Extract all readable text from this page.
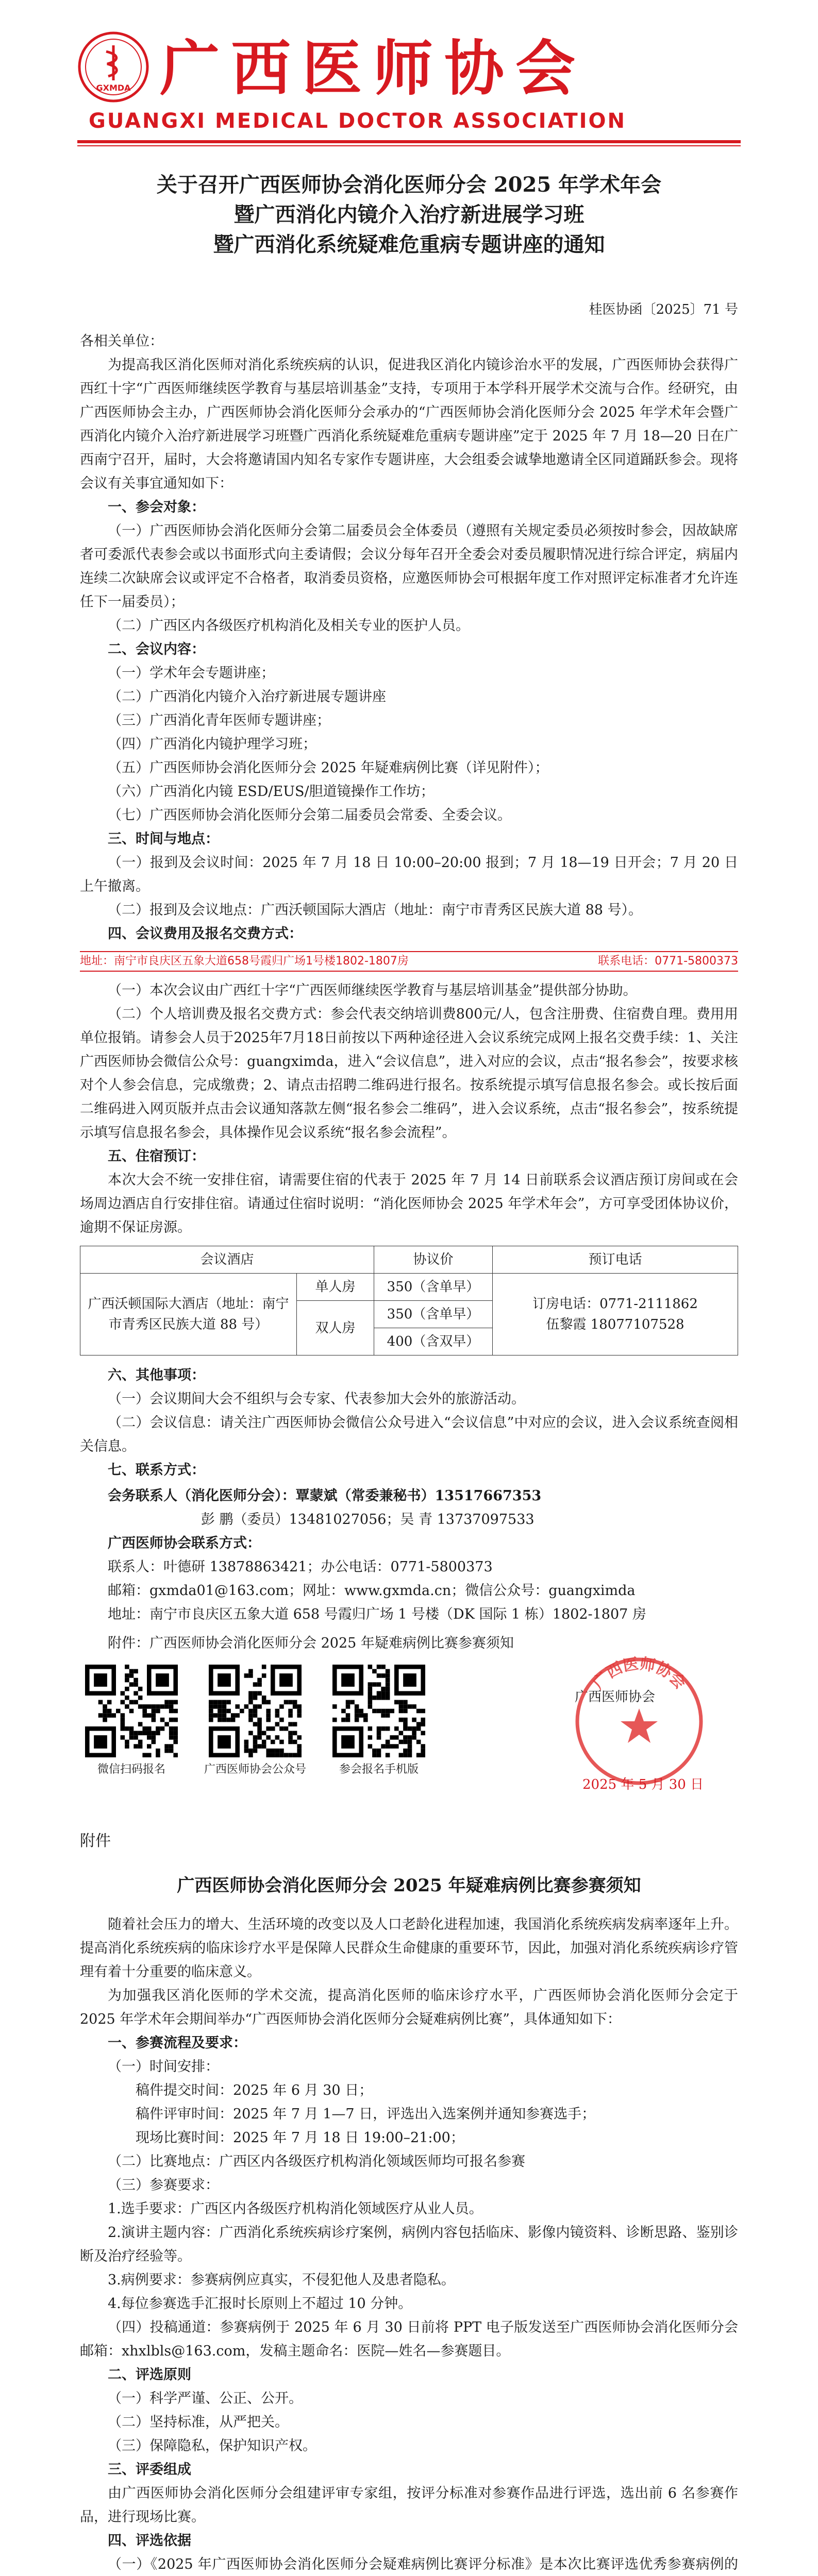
GXMDA 广西医师协会
GUANGXI MEDICAL DOCTOR ASSOCIATION
关于召开广西医师协会消化医师分会 2025 年学术年会
暨广西消化内镜介入治疗新进展学习班
暨广西消化系统疑难危重病专题讲座的通知
桂医协函〔2025〕71 号
各相关单位：
为提高我区消化医师对消化系统疾病的认识，促进我区消化内镜诊治水平的发展，广西医师协会获得广西红十字“广西医师继续医学教育与基层培训基金”支持，专项用于本学科开展学术交流与合作。经研究，由广西医师协会主办，广西医师协会消化医师分会承办的“广西医师协会消化医师分会 2025 年学术年会暨广西消化内镜介入治疗新进展学习班暨广西消化系统疑难危重病专题讲座”定于 2025 年 7 月 18—20 日在广西南宁召开，届时，大会将邀请国内知名专家作专题讲座，大会组委会诚挚地邀请全区同道踊跃参会。现将会议有关事宜通知如下：
一、参会对象：
（一）广西医师协会消化医师分会第二届委员会全体委员（遵照有关规定委员必须按时参会，因故缺席者可委派代表参会或以书面形式向主委请假；会议分每年召开全委会对委员履职情况进行综合评定，病届内连续二次缺席会议或评定不合格者，取消委员资格，应邀医师协会可根据年度工作对照评定标准者才允许连任下一届委员）；
（二）广西区内各级医疗机构消化及相关专业的医护人员。
二、会议内容：
（一）学术年会专题讲座；
（二）广西消化内镜介入治疗新进展专题讲座
（三）广西消化青年医师专题讲座；
（四）广西消化内镜护理学习班；
（五）广西医师协会消化医师分会 2025 年疑难病例比赛（详见附件）；
（六）广西消化内镜 ESD/EUS/胆道镜操作工作坊；
（七）广西医师协会消化医师分会第二届委员会常委、全委会议。
三、时间与地点：
（一）报到及会议时间：2025 年 7 月 18 日 10:00–20:00 报到；7 月 18—19 日开会；7 月 20 日上午撤离。
（二）报到及会议地点：广西沃顿国际大酒店（地址：南宁市青秀区民族大道 88 号）。
四、会议费用及报名交费方式：
地址：南宁市良庆区五象大道658号霞归广场1号楼1802-1807房	联系电话：0771-5800373
（一）本次会议由广西红十字“广西医师继续医学教育与基层培训基金”提供部分协助。
（二）个人培训费及报名交费方式：参会代表交纳培训费800元/人，包含注册费、住宿费自理。费用用单位报销。请参会人员于2025年7月18日前按以下两种途径进入会议系统完成网上报名交费手续：1、关注广西医师协会微信公众号：guangximda，进入“会议信息”，进入对应的会议，点击“报名参会”，按要求核对个人参会信息，完成缴费；2、请点击招聘二维码进行报名。按系统提示填写信息报名参会。或长按后面二维码进入网页版并点击会议通知落款左侧“报名参会二维码”，进入会议系统，点击“报名参会”，按系统提示填写信息报名参会，具体操作见会议系统“报名参会流程”。
五、住宿预订：
本次大会不统一安排住宿，请需要住宿的代表于 2025 年 7 月 14 日前联系会议酒店预订房间或在会场周边酒店自行安排住宿。请通过住宿时说明：“消化医师协会 2025 年学术年会”，方可享受团体协议价，逾期不保证房源。
会议酒店		协议价	预订电话
广西沃顿国际大酒店（地址：南宁市青秀区民族大道 88 号）	单人房	350（含单早）	订房电话：0771-2111862
伍黎霞 18077107528

	双人房	350（含单早）	
		400（含双早）	
六、其他事项：
（一）会议期间大会不组织与会专家、代表参加大会外的旅游活动。
（二）会议信息：请关注广西医师协会微信公众号进入“会议信息”中对应的会议，进入会议系统查阅相关信息。
七、联系方式：
会务联系人（消化医师分会）：覃蒙斌（常委兼秘书）13517667353
彭 鹏（委员）13481027056；吴 青 13737097533
广西医师协会联系方式：
联系人：叶德研 13878863421；办公电话：0771-5800373
邮箱：gxmda01@163.com；网址：www.gxmda.cn；微信公众号：guangximda
地址：南宁市良庆区五象大道 658 号霞归广场 1 号楼（DK 国际 1 栋）1802-1807 房
附件：广西医师协会消化医师分会 2025 年疑难病例比赛参赛须知
微信扫码报名	广西医师协会公众号	参会报名手机版
广西医师协会
广西医师协会
2025 年 5 月 30 日
附件
广西医师协会消化医师分会 2025 年疑难病例比赛参赛须知
随着社会压力的增大、生活环境的改变以及人口老龄化进程加速，我国消化系统疾病发病率逐年上升。提高消化系统疾病的临床诊疗水平是保障人民群众生命健康的重要环节，因此，加强对消化系统疾病诊疗管理有着十分重要的临床意义。
为加强我区消化医师的学术交流，提高消化医师的临床诊疗水平，广西医师协会消化医师分会定于 2025 年学术年会期间举办“广西医师协会消化医师分会疑难病例比赛”，具体通知如下：
一、参赛流程及要求：
（一）时间安排：
稿件提交时间：2025 年 6 月 30 日；
稿件评审时间：2025 年 7 月 1—7 日，评选出入选案例并通知参赛选手；
现场比赛时间：2025 年 7 月 18 日 19:00–21:00；
（二）比赛地点：广西区内各级医疗机构消化领域医师均可报名参赛
（三）参赛要求：
1.选手要求：广西区内各级医疗机构消化领域医疗从业人员。
2.演讲主题内容：广西消化系统疾病诊疗案例，病例内容包括临床、影像内镜资料、诊断思路、鉴别诊断及治疗经验等。
3.病例要求：参赛病例应真实，不侵犯他人及患者隐私。
4.每位参赛选手汇报时长原则上不超过 10 分钟。
（四）投稿通道：参赛病例于 2025 年 6 月 30 日前将 PPT 电子版发送至广西医师协会消化医师分会邮箱：xhxlbls@163.com，发稿主题命名：医院—姓名—参赛题目。
二、评选原则
（一）科学严谨、公正、公开。
（二）坚持标准，从严把关。
（三）保障隐私，保护知识产权。
三、评委组成
由广西医师协会消化医师分会组建评审专家组，按评分标准对参赛作品进行评选，选出前 6 名参赛作品，进行现场比赛。
四、评选依据
（一）《2025 年广西医师协会消化医师分会疑难病例比赛评分标准》是本次比赛评选优秀参赛病例的
